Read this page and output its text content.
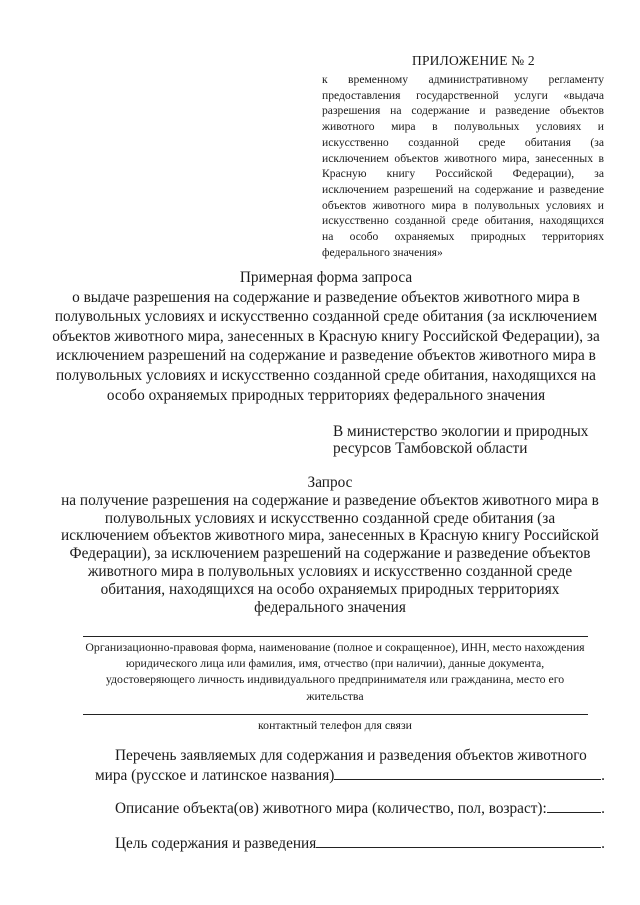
ПРИЛОЖЕНИЕ № 2
к временному административному регламенту предоставления государственной услуги «выдача разрешения на содержание и разведение объектов животного мира в полувольных условиях и искусственно созданной среде обитания (за исключением объектов животного мира, занесенных в Красную книгу Российской Федерации), за исключением разрешений на содержание и разведение объектов животного мира в полувольных условиях и искусственно созданной среде обитания, находящихся на особо охраняемых природных территориях федерального значения»
Примерная форма запроса
о выдаче разрешения на содержание и разведение объектов животного мира в полувольных условиях и искусственно созданной среде обитания (за исключением объектов животного мира, занесенных в Красную книгу Российской Федерации), за исключением разрешений на содержание и разведение объектов животного мира в полувольных условиях и искусственно созданной среде обитания, находящихся на особо охраняемых природных территориях федерального значения
В министерство экологии и природных
ресурсов Тамбовской области
Запрос
на получение разрешения на содержание и разведение объектов животного мира в полувольных условиях и искусственно созданной среде обитания (за исключением объектов животного мира, занесенных в Красную книгу Российской Федерации), за исключением разрешений на содержание и разведение объектов животного мира в полувольных условиях и искусственно созданной среде обитания, находящихся на особо охраняемых природных территориях федерального значения
Организационно-правовая форма, наименование (полное и сокращенное), ИНН, место нахождения юридического лица или фамилия, имя, отчество (при наличии), данные документа, удостоверяющего личность индивидуального предпринимателя или гражданина, место его жительства
контактный телефон для связи
Перечень заявляемых для содержания и разведения объектов животного
мира (русское и латинское названия)	.
Описание объекта(ов) животного мира (количество, пол, возраст):	.
Цель содержания и разведения	.
